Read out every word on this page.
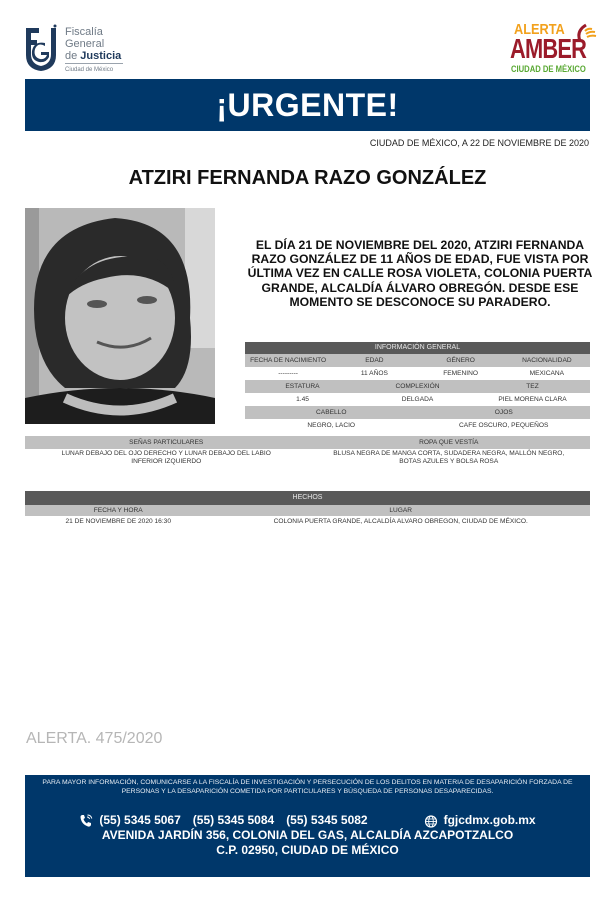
Fiscalía
General
de Justicia
Ciudad de México
ALERTA
AMBER
CIUDAD DE MÉXICO
¡URGENTE!
CIUDAD DE MÉXICO, A 22 DE NOVIEMBRE DE 2020
ATZIRI FERNANDA RAZO GONZÁLEZ
EL DÍA 21 DE NOVIEMBRE DEL 2020, ATZIRI FERNANDA RAZO GONZÁLEZ DE 11 AÑOS DE EDAD, FUE VISTA POR ÚLTIMA VEZ EN CALLE ROSA VIOLETA, COLONIA PUERTA GRANDE, ALCALDÍA ÁLVARO OBREGÓN. DESDE ESE MOMENTO SE DESCONOCE SU PARADERO.
INFORMACIÓN GENERAL
FECHA DE NACIMIENTO	EDAD	GÉNERO	NACIONALIDAD
---------	11 AÑOS	FEMENINO	MEXICANA
ESTATURA	COMPLEXIÓN	TEZ
1.45	DELGADA	PIEL MORENA CLARA
CABELLO	OJOS
NEGRO, LACIO	CAFE OSCURO, PEQUEÑOS
SEÑAS PARTICULARES	ROPA QUE VESTÍA
LUNAR DEBAJO DEL OJO DERECHO Y LUNAR DEBAJO DEL LABIO INFERIOR IZQUIERDO
BLUSA NEGRA DE MANGA CORTA, SUDADERA NEGRA, MALLÓN NEGRO, BOTAS AZULES Y BOLSA ROSA
HECHOS
FECHA Y HORA	LUGAR
21 DE NOVIEMBRE DE 2020 16:30	COLONIA PUERTA GRANDE, ALCALDÍA ALVARO OBREGON, CIUDAD DE MÉXICO.
ALERTA. 475/2020
PARA MAYOR INFORMACIÓN, COMUNICARSE A LA FISCALÍA DE INVESTIGACIÓN Y PERSECUCIÓN DE LOS DELITOS EN MATERIA DE DESAPARICIÓN FORZADA DE PERSONAS Y LA DESAPARICIÓN COMETIDA POR PARTICULARES Y BÚSQUEDA DE PERSONAS DESAPARECIDAS.
(55) 5345 5067 (55) 5345 5084 (55) 5345 5082	fgjcdmx.gob.mx
AVENIDA JARDÍN 356, COLONIA DEL GAS, ALCALDÍA AZCAPOTZALCO
C.P. 02950, CIUDAD DE MÉXICO
